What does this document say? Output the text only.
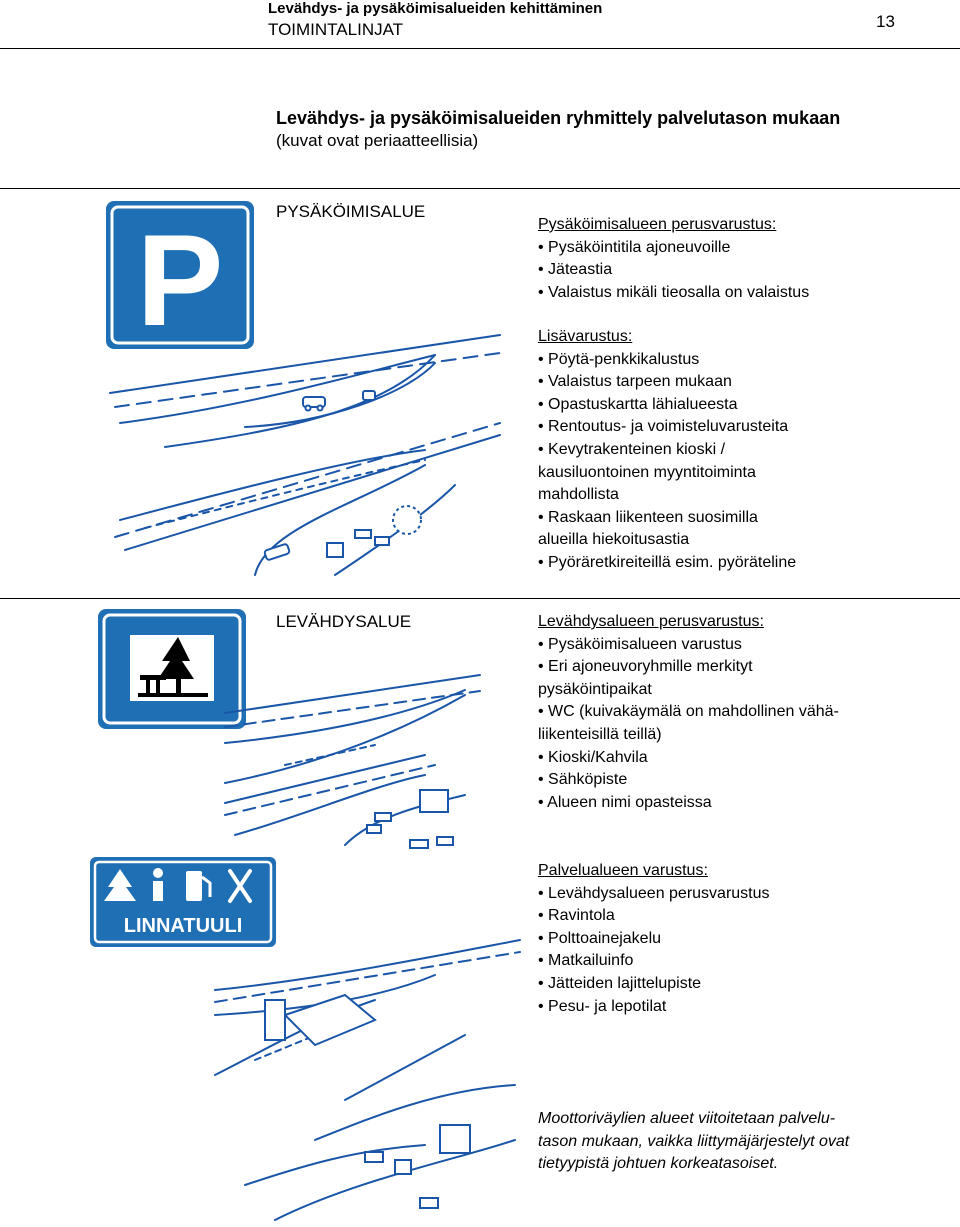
Levähdys- ja pysäköimisalueiden kehittäminen
TOIMINTALINJAT	13
Levähdys- ja pysäköimisalueiden ryhmittely palvelutason mukaan
(kuvat ovat periaatteellisia)
PYSÄKÖIMISALUE
P	Pysäköimisalueen perusvarustus:
• Pysäköintitila ajoneuvoille
• Jäteastia
• Valaistus mikäli tieosalla on valaistus
Lisävarustus:
• Pöytä-penkkikalustus
• Valaistus tarpeen mukaan
• Opastuskartta lähialueesta
• Rentoutus- ja voimisteluvarusteita
• Kevytrakenteinen kioski /
kausiluontoinen myyntitoiminta
mahdollista
• Raskaan liikenteen suosimilla
alueilla hiekoitusastia
• Pyöräretkireiteillä esim. pyöräteline
LEVÄHDYSALUE	Levähdysalueen perusvarustus:
• Pysäköimisalueen varustus
• Eri ajoneuvoryhmille merkityt
pysäköintipaikat
• WC (kuivakäymälä on mahdollinen vähä-
liikenteisillä teillä)
• Kioski/Kahvila
• Sähköpiste
• Alueen nimi opasteissa
LINNATUULI
Palvelualueen varustus:
• Levähdysalueen perusvarustus
• Ravintola
• Polttoainejakelu
• Matkailuinfo
• Jätteiden lajittelupiste
• Pesu- ja lepotilat
Moottoriväylien alueet viitoitetaan palvelu-
tason mukaan, vaikka liittymäjärjestelyt ovat
tietyypistä johtuen korkeatasoiset.
